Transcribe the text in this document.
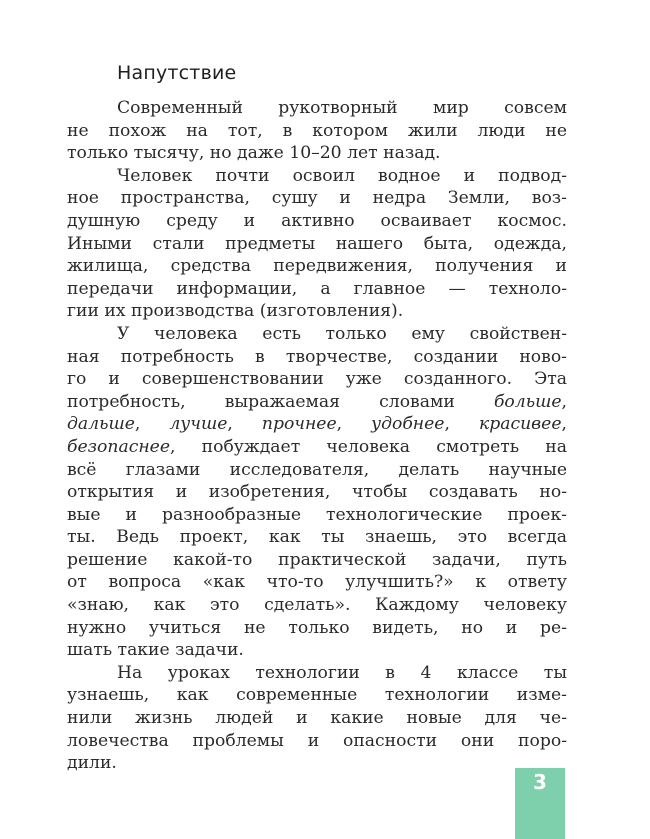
Напутствие
Современный рукотворный мир совсем
не похож на тот, в котором жили люди не
только тысячу, но даже 10–20 лет назад.
Человек почти освоил водное и подвод-
ное пространства, сушу и недра Земли, воз-
душную среду и активно осваивает космос.
Иными стали предметы нашего быта, одежда,
жилища, средства передвижения, получения и
передачи информации, а главное — техноло-
гии их производства (изготовления).
У человека есть только ему свойствен-
ная потребность в творчестве, создании ново-
го и совершенствовании уже созданного. Эта
потребность, выражаемая словами больше,
дальше, лучше, прочнее, удобнее, красивее,
безопаснее, побуждает человека смотреть на
всё глазами исследователя, делать научные
открытия и изобретения, чтобы создавать но-
вые и разнообразные технологические проек-
ты. Ведь проект, как ты знаешь, это всегда
решение какой-то практической задачи, путь
от вопроса «как что-то улучшить?» к ответу
«знаю, как это сделать». Каждому человеку
нужно учиться не только видеть, но и ре-
шать такие задачи.
На уроках технологии в 4 классе ты
узнаешь, как современные технологии изме-
нили жизнь людей и какие новые для че-
ловечества проблемы и опасности они поро-
дили.
3
